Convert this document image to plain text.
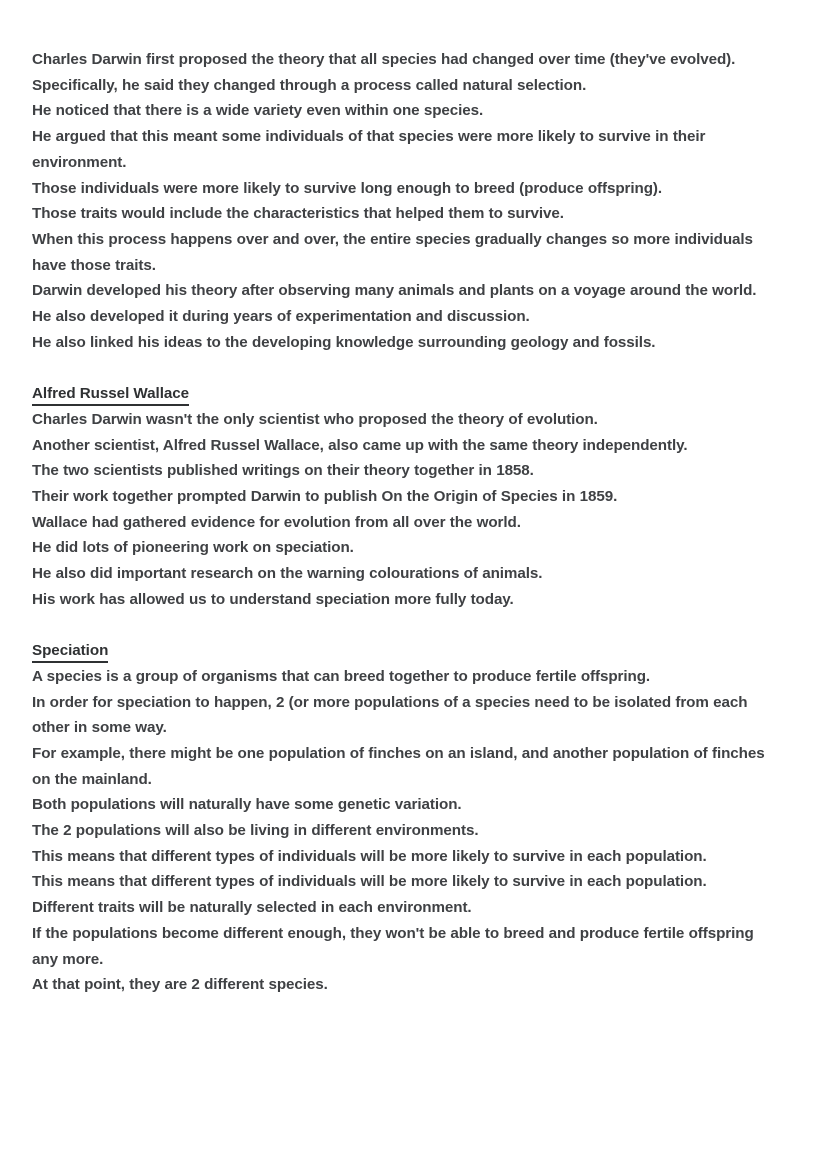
Charles Darwin first proposed the theory that all species had changed over time (they've evolved).

Specifically, he said they changed through a process called natural selection.

He noticed that there is a wide variety even within one species.

He argued that this meant some individuals of that species were more likely to survive in their environment.

Those individuals were more likely to survive long enough to breed (produce offspring).

Those traits would include the characteristics that helped them to survive.

When this process happens over and over, the entire species gradually changes so more individuals have those traits.

Darwin developed his theory after observing many animals and plants on a voyage around the world.

He also developed it during years of experimentation and discussion.

He also linked his ideas to the developing knowledge surrounding geology and fossils.

Alfred Russel Wallace

Charles Darwin wasn't the only scientist who proposed the theory of evolution.

Another scientist, Alfred Russel Wallace, also came up with the same theory independently.

The two scientists published writings on their theory together in 1858.

Their work together prompted Darwin to publish On the Origin of Species in 1859.

Wallace had gathered evidence for evolution from all over the world.

He did lots of pioneering work on speciation.

He also did important research on the warning colourations of animals.

His work has allowed us to understand speciation more fully today.

Speciation

A species is a group of organisms that can breed together to produce fertile offspring.

In order for speciation to happen, 2 (or more populations of a species need to be isolated from each other in some way.

For example, there might be one population of finches on an island, and another population of finches on the mainland.

Both populations will naturally have some genetic variation.

The 2 populations will also be living in different environments.

This means that different types of individuals will be more likely to survive in each population.

This means that different types of individuals will be more likely to survive in each population.

Different traits will be naturally selected in each environment.

If the populations become different enough, they won't be able to breed and produce fertile offspring any more.

At that point, they are 2 different species.
